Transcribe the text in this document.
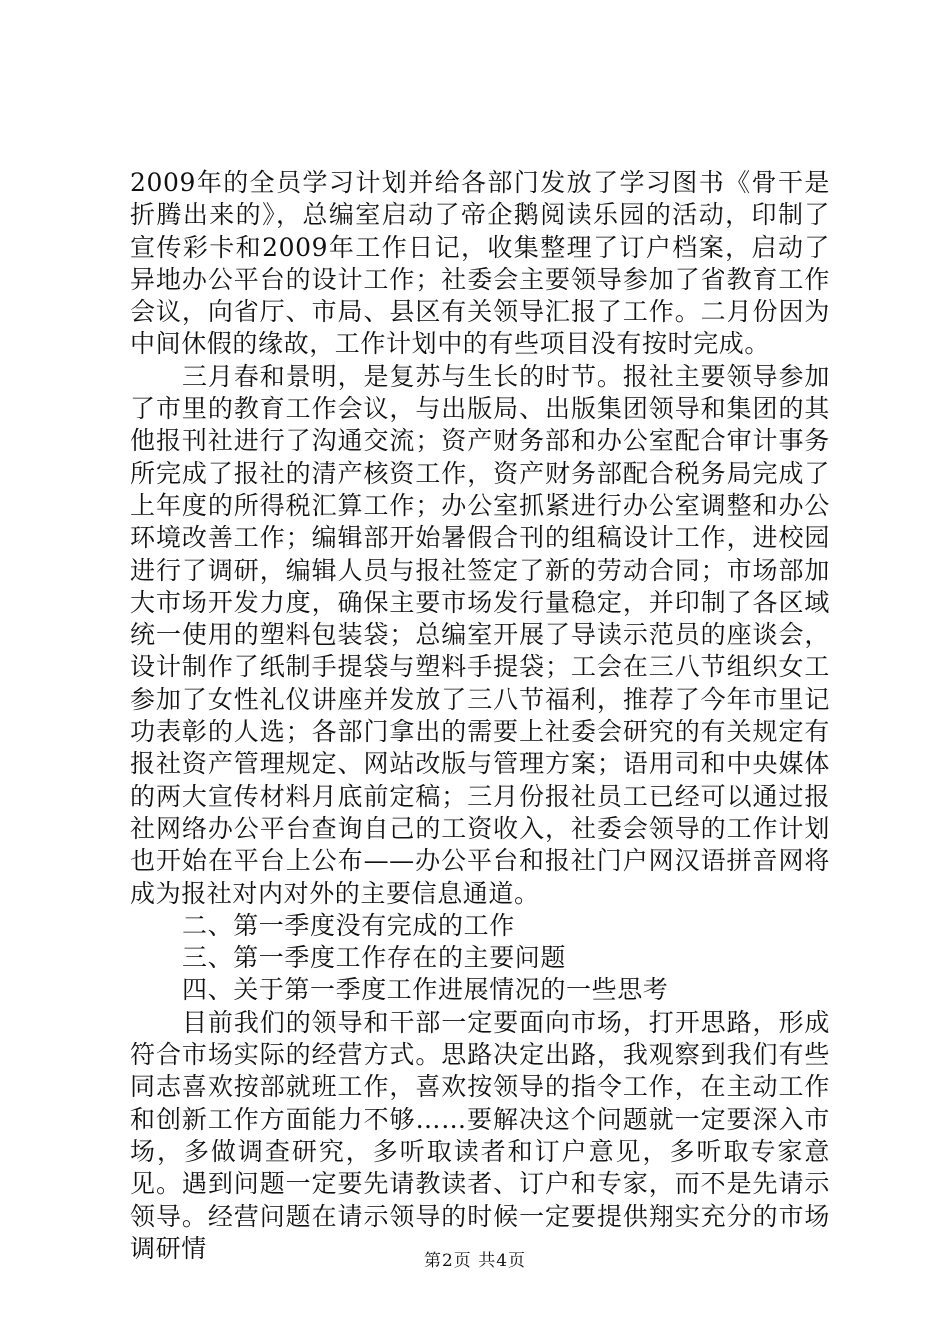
2009年的全员学习计划并给各部门发放了学习图书《骨干是折腾出来的》，总编室启动了帝企鹅阅读乐园的活动，印制了宣传彩卡和2009年工作日记，收集整理了订户档案，启动了异地办公平台的设计工作；社委会主要领导参加了省教育工作会议，向省厅、市局、县区有关领导汇报了工作。二月份因为中间休假的缘故，工作计划中的有些项目没有按时完成。

三月春和景明，是复苏与生长的时节。报社主要领导参加了市里的教育工作会议，与出版局、出版集团领导和集团的其他报刊社进行了沟通交流；资产财务部和办公室配合审计事务所完成了报社的清产核资工作，资产财务部配合税务局完成了上年度的所得税汇算工作；办公室抓紧进行办公室调整和办公环境改善工作；编辑部开始暑假合刊的组稿设计工作，进校园进行了调研，编辑人员与报社签定了新的劳动合同；市场部加大市场开发力度，确保主要市场发行量稳定，并印制了各区域统一使用的塑料包装袋；总编室开展了导读示范员的座谈会，设计制作了纸制手提袋与塑料手提袋；工会在三八节组织女工参加了女性礼仪讲座并发放了三八节福利，推荐了今年市里记功表彰的人选；各部门拿出的需要上社委会研究的有关规定有报社资产管理规定、网站改版与管理方案；语用司和中央媒体的两大宣传材料月底前定稿；三月份报社员工已经可以通过报社网络办公平台查询自己的工资收入，社委会领导的工作计划也开始在平台上公布——办公平台和报社门户网汉语拼音网将成为报社对内对外的主要信息通道。

二、第一季度没有完成的工作

三、第一季度工作存在的主要问题

四、关于第一季度工作进展情况的一些思考

目前我们的领导和干部一定要面向市场，打开思路，形成符合市场实际的经营方式。思路决定出路，我观察到我们有些同志喜欢按部就班工作，喜欢按领导的指令工作，在主动工作和创新工作方面能力不够……要解决这个问题就一定要深入市场，多做调查研究，多听取读者和订户意见，多听取专家意见。遇到问题一定要先请教读者、订户和专家，而不是先请示领导。经营问题在请示领导的时候一定要提供翔实充分的市场调研情	第2页 共4页
